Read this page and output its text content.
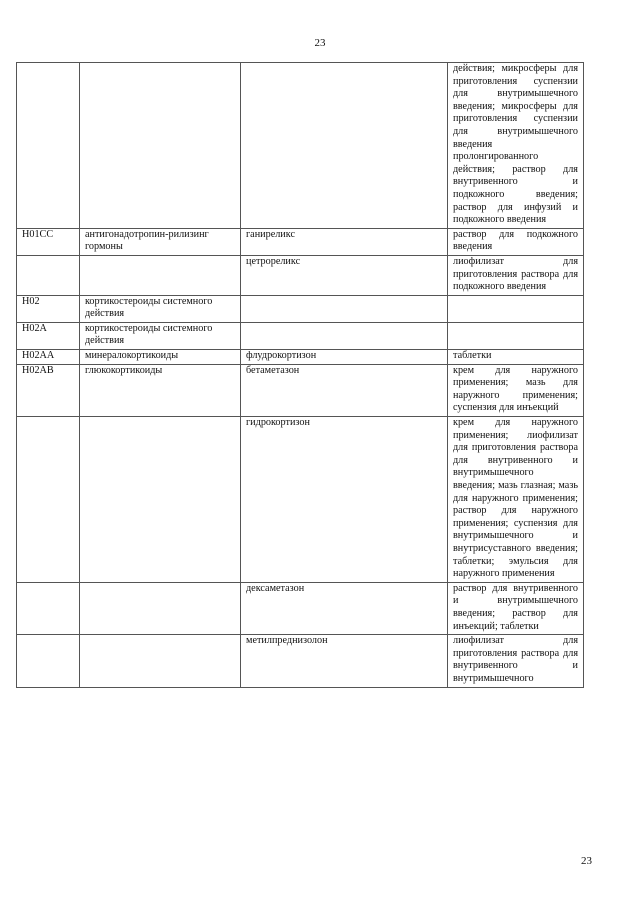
23
			действия; микросферы для приготовления суспензии для внутримышечного введения; микросферы для приготовления суспензии для внутримышечного введения пролонгированного действия; раствор для внутривенного и подкожного введения; раствор для инфузий и подкожного введения
H01CC	антигонадотропин-рилизинг гормоны	ганиреликс	раствор для подкожного введения
		цетрореликс	лиофилизат для приготовления раствора для подкожного введения
H02	кортикостероиды системного действия		
H02A	кортикостероиды системного действия		
H02AA	минералокортикоиды	флудрокортизон	таблетки
H02AB	глюкокортикоиды	бетаметазон	крем для наружного применения; мазь для наружного применения; суспензия для инъекций
		гидрокортизон	крем для наружного применения; лиофилизат для приготовления раствора для внутривенного и внутримышечного введения; мазь глазная; мазь для наружного применения; раствор для наружного применения; суспензия для внутримышечного и внутрисуставного введения; таблетки; эмульсия для наружного применения
		дексаметазон	раствор для внутривенного и внутримышечного введения; раствор для инъекций; таблетки
		метилпреднизолон	лиофилизат для приготовления раствора для внутривенного и внутримышечного
23
